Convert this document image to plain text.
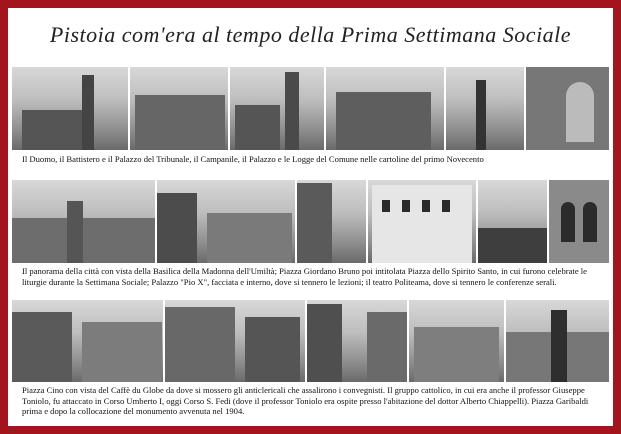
Pistoia com'era al tempo della Prima Settimana Sociale
Il Duomo, il Battistero e il Palazzo del Tribunale, il Campanile, il Palazzo e le Logge del Comune nelle cartoline del primo Novecento
Il panorama della città con vista della Basilica della Madonna dell'Umiltà; Piazza Giordano Bruno poi intitolata Piazza dello Spirito Santo, in cui furono celebrate le liturgie durante la Settimana Sociale; Palazzo "Pio X", facciata e interno, dove si tennero le lezioni; il teatro Politeama, dove si tennero le conferenze serali.
Piazza Cino con vista del Caffè du Globe da dove si mossero gli anticlericali che assalirono i convegnisti. Il gruppo cattolico, in cui era anche il professor Giuseppe Toniolo, fu attaccato in Corso Umberto I, oggi Corso S. Fedi (dove il professor Toniolo era ospite presso l'abitazione del dottor Alberto Chiappelli). Piazza Garibaldi prima e dopo la collocazione del monumento avvenuta nel 1904.
